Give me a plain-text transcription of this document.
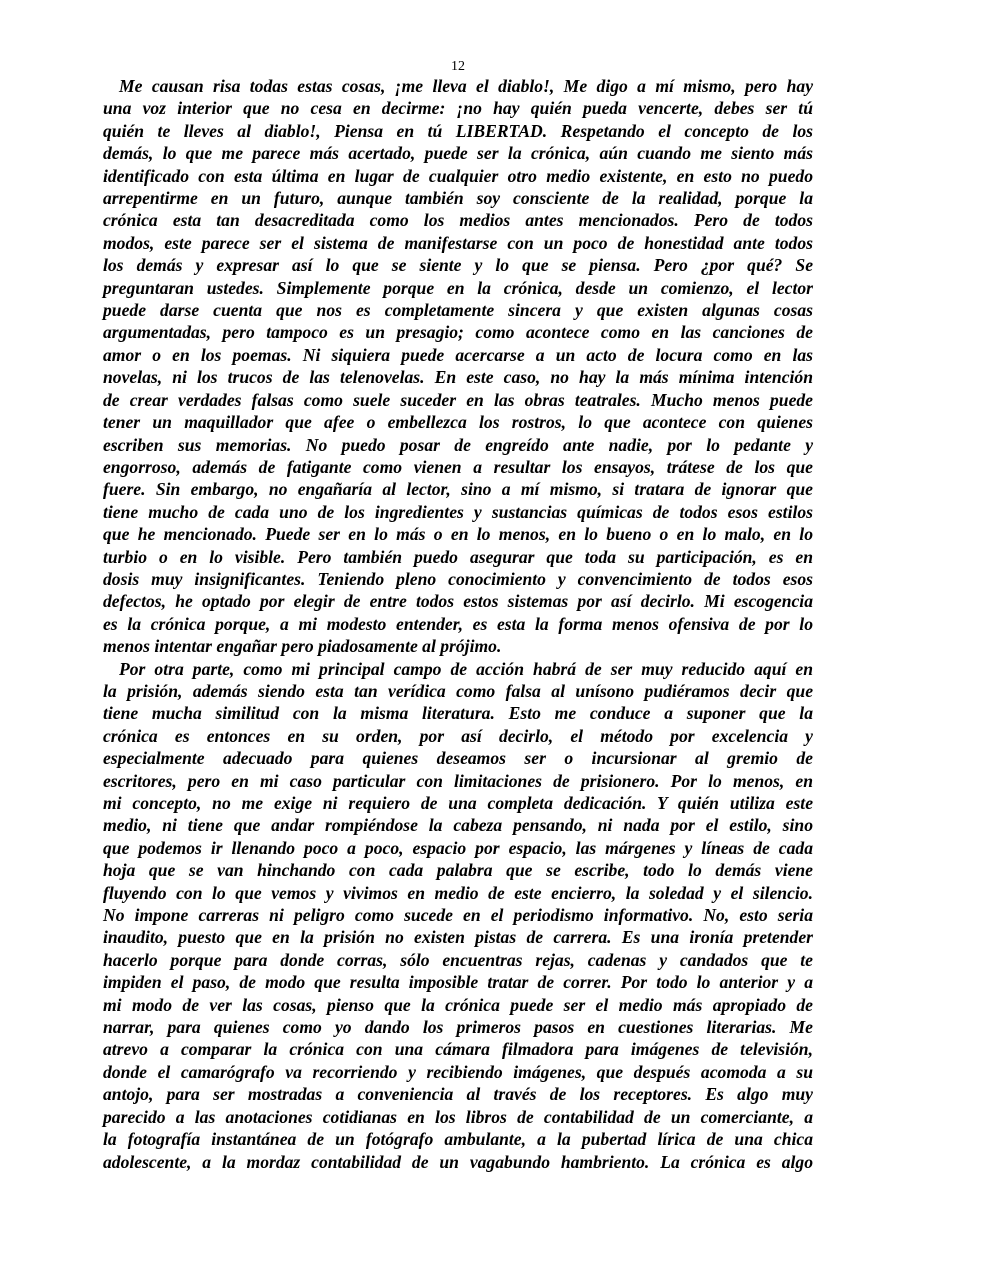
12
Me causan risa todas estas cosas, ¡me lleva el diablo!, Me digo a mí mismo, pero hay
una voz interior que no cesa en decirme: ¡no hay quién pueda vencerte, debes ser tú
quién te lleves al diablo!, Piensa en tú LIBERTAD. Respetando el concepto de los
demás, lo que me parece más acertado, puede ser la crónica, aún cuando me siento más
identificado con esta última en lugar de cualquier otro medio existente, en esto no puedo
arrepentirme en un futuro, aunque también soy consciente de la realidad, porque la
crónica esta tan desacreditada como los medios antes mencionados. Pero de todos
modos, este parece ser el sistema de manifestarse con un poco de honestidad ante todos
los demás y expresar así lo que se siente y lo que se piensa. Pero ¿por qué? Se
preguntaran ustedes. Simplemente porque en la crónica, desde un comienzo, el lector
puede darse cuenta que nos es completamente sincera y que existen algunas cosas
argumentadas, pero tampoco es un presagio; como acontece como en las canciones de
amor o en los poemas. Ni siquiera puede acercarse a un acto de locura como en las
novelas, ni los trucos de las telenovelas. En este caso, no hay la más mínima intención
de crear verdades falsas como suele suceder en las obras teatrales. Mucho menos puede
tener un maquillador que afee o embellezca los rostros, lo que acontece con quienes
escriben sus memorias. No puedo posar de engreído ante nadie, por lo pedante y
engorroso, además de fatigante como vienen a resultar los ensayos, trátese de los que
fuere. Sin embargo, no engañaría al lector, sino a mí mismo, si tratara de ignorar que
tiene mucho de cada uno de los ingredientes y sustancias químicas de todos esos estilos
que he mencionado. Puede ser en lo más o en lo menos, en lo bueno o en lo malo, en lo
turbio o en lo visible. Pero también puedo asegurar que toda su participación, es en
dosis muy insignificantes. Teniendo pleno conocimiento y convencimiento de todos esos
defectos, he optado por elegir de entre todos estos sistemas por así decirlo. Mi escogencia
es la crónica porque, a mi modesto entender, es esta la forma menos ofensiva de por lo
menos intentar engañar pero piadosamente al prójimo.
Por otra parte, como mi principal campo de acción habrá de ser muy reducido aquí en
la prisión, además siendo esta tan verídica como falsa al unísono pudiéramos decir que
tiene mucha similitud con la misma literatura. Esto me conduce a suponer que la
crónica es entonces en su orden, por así decirlo, el método por excelencia y
especialmente adecuado para quienes deseamos ser o incursionar al gremio de
escritores, pero en mi caso particular con limitaciones de prisionero. Por lo menos, en
mi concepto, no me exige ni requiero de una completa dedicación. Y quién utiliza este
medio, ni tiene que andar rompiéndose la cabeza pensando, ni nada por el estilo, sino
que podemos ir llenando poco a poco, espacio por espacio, las márgenes y líneas de cada
hoja que se van hinchando con cada palabra que se escribe, todo lo demás viene
fluyendo con lo que vemos y vivimos en medio de este encierro, la soledad y el silencio.
No impone carreras ni peligro como sucede en el periodismo informativo. No, esto seria
inaudito, puesto que en la prisión no existen pistas de carrera. Es una ironía pretender
hacerlo porque para donde corras, sólo encuentras rejas, cadenas y candados que te
impiden el paso, de modo que resulta imposible tratar de correr. Por todo lo anterior y a
mi modo de ver las cosas, pienso que la crónica puede ser el medio más apropiado de
narrar, para quienes como yo dando los primeros pasos en cuestiones literarias. Me
atrevo a comparar la crónica con una cámara filmadora para imágenes de televisión,
donde el camarógrafo va recorriendo y recibiendo imágenes, que después acomoda a su
antojo, para ser mostradas a conveniencia al través de los receptores. Es algo muy
parecido a las anotaciones cotidianas en los libros de contabilidad de un comerciante, a
la fotografía instantánea de un fotógrafo ambulante, a la pubertad lírica de una chica
adolescente, a la mordaz contabilidad de un vagabundo hambriento. La crónica es algo
